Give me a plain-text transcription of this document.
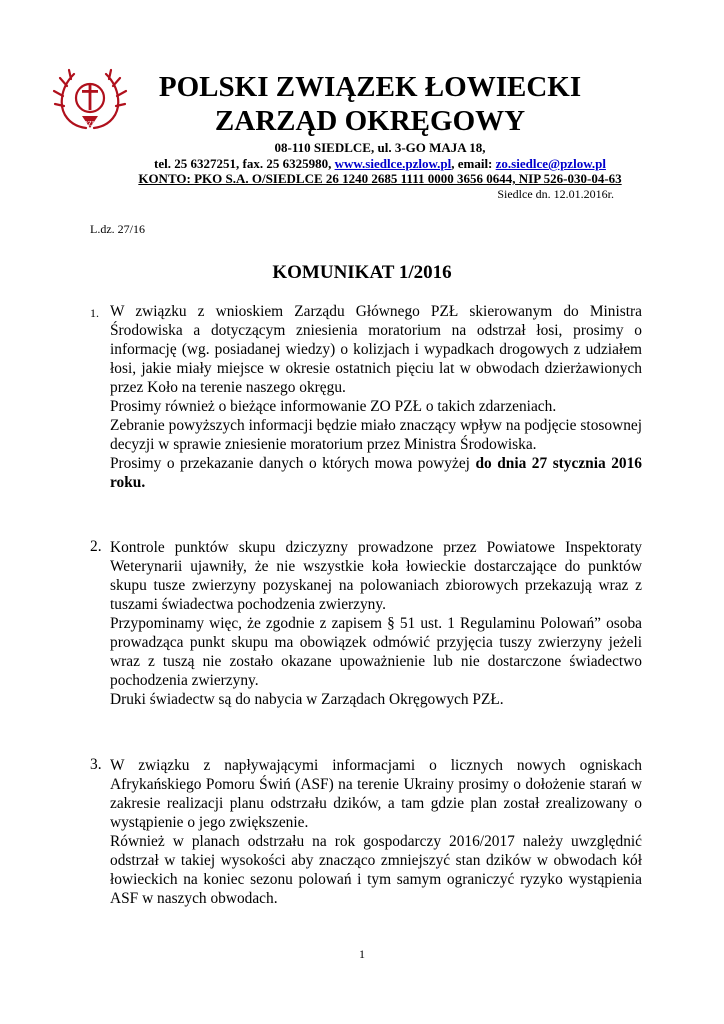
PZŁ
POLSKI ZWIĄZEK ŁOWIECKI
ZARZĄD OKRĘGOWY
08-110 SIEDLCE, ul. 3-GO MAJA 18,
tel. 25 6327251, fax. 25 6325980, www.siedlce.pzlow.pl, email: zo.siedlce@pzlow.pl
KONTO: PKO S.A. O/SIEDLCE 26 1240 2685 1111 0000 3656 0644, NIP 526-030-04-63
Siedlce dn. 12.01.2016r.
L.dz. 27/16
KOMUNIKAT 1/2016
1. W związku z wnioskiem Zarządu Głównego PZŁ skierowanym do Ministra Środowiska a dotyczącym zniesienia moratorium na odstrzał łosi, prosimy o informację (wg. posiadanej wiedzy) o kolizjach i wypadkach drogowych z udziałem łosi, jakie miały miejsce w okresie ostatnich pięciu lat w obwodach dzierżawionych przez Koło na terenie naszego okręgu.

Prosimy również o bieżące informowanie ZO PZŁ o takich zdarzeniach.

Zebranie powyższych informacji będzie miało znaczący wpływ na podjęcie stosownej decyzji w sprawie zniesienie moratorium przez Ministra Środowiska.

Prosimy o przekazanie danych o których mowa powyżej do dnia 27 stycznia 2016 roku.

2. Kontrole punktów skupu dziczyzny prowadzone przez Powiatowe Inspektoraty Weterynarii ujawniły, że nie wszystkie koła łowieckie dostarczające do punktów skupu tusze zwierzyny pozyskanej na polowaniach zbiorowych przekazują wraz z tuszami świadectwa pochodzenia zwierzyny.

Przypominamy więc, że zgodnie z zapisem § 51 ust. 1 Regulaminu Polowań” osoba prowadząca punkt skupu ma obowiązek odmówić przyjęcia tuszy zwierzyny jeżeli wraz z tuszą nie zostało okazane upoważnienie lub nie dostarczone świadectwo pochodzenia zwierzyny.

Druki świadectw są do nabycia w Zarządach Okręgowych PZŁ.

3. W związku z napływającymi informacjami o licznych nowych ogniskach Afrykańskiego Pomoru Świń (ASF) na terenie Ukrainy prosimy o dołożenie starań w zakresie realizacji planu odstrzału dzików, a tam gdzie plan został zrealizowany o wystąpienie o jego zwiększenie.

Również w planach odstrzału na rok gospodarczy 2016/2017 należy uwzględnić odstrzał w takiej wysokości aby znacząco zmniejszyć stan dzików w obwodach kół łowieckich na koniec sezonu polowań i tym samym ograniczyć ryzyko wystąpienia ASF w naszych obwodach.

1
